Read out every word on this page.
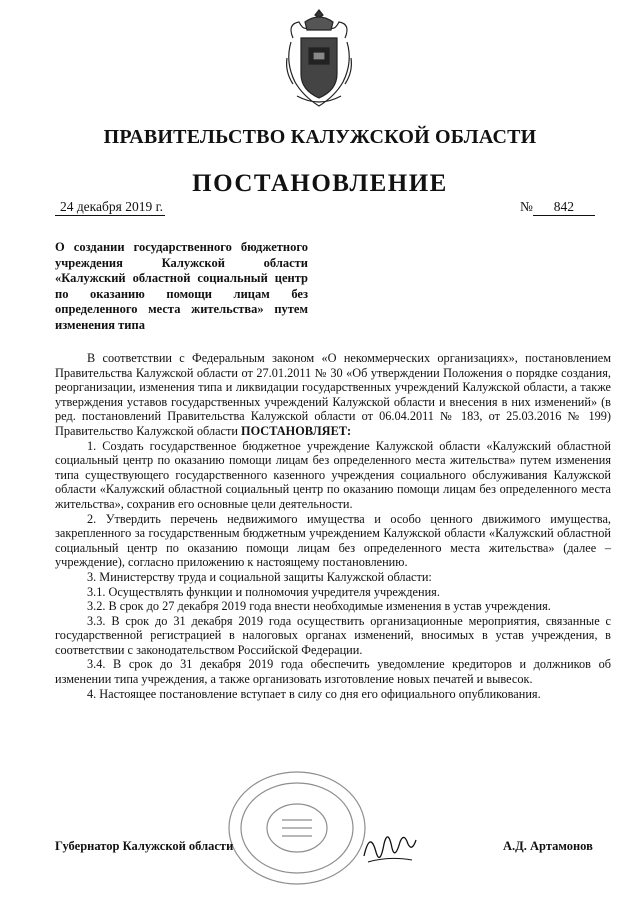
ПРАВИТЕЛЬСТВО КАЛУЖСКОЙ ОБЛАСТИ
ПОСТАНОВЛЕНИЕ
24 декабря 2019 г.	№ 842
О создании государственного бюджетного учреждения Калужской области «Калужский областной социальный центр по оказанию помощи лицам без определенного места жительства» путем изменения типа

В соответствии с Федеральным законом «О некоммерческих организациях», постановлением Правительства Калужской области от 27.01.2011 № 30 «Об утверждении Положения о порядке создания, реорганизации, изменения типа и ликвидации государственных учреждений Калужской области, а также утверждения уставов государственных учреждений Калужской области и внесения в них изменений» (в ред. постановлений Правительства Калужской области от 06.04.2011 № 183, от 25.03.2016 № 199) Правительство Калужской области ПОСТАНОВЛЯЕТ:

1. Создать государственное бюджетное учреждение Калужской области «Калужский областной социальный центр по оказанию помощи лицам без определенного места жительства» путем изменения типа существующего государственного казенного учреждения социального обслуживания Калужской области «Калужский областной социальный центр по оказанию помощи лицам без определенного места жительства», сохранив его основные цели деятельности.

2. Утвердить перечень недвижимого имущества и особо ценного движимого имущества, закрепленного за государственным бюджетным учреждением Калужской области «Калужский областной социальный центр по оказанию помощи лицам без определенного места жительства» (далее – учреждение), согласно приложению к настоящему постановлению.

3. Министерству труда и социальной защиты Калужской области:

3.1. Осуществлять функции и полномочия учредителя учреждения.

3.2. В срок до 27 декабря 2019 года внести необходимые изменения в устав учреждения.

3.3. В срок до 31 декабря 2019 года осуществить организационные мероприятия, связанные с государственной регистрацией в налоговых органах изменений, вносимых в устав учреждения, в соответствии с законодательством Российской Федерации.

3.4. В срок до 31 декабря 2019 года обеспечить уведомление кредиторов и должников об изменении типа учреждения, а также организовать изготовление новых печатей и вывесок.

4. Настоящее постановление вступает в силу со дня его официального опубликования.

Губернатор Калужской области	А.Д. Артамонов
